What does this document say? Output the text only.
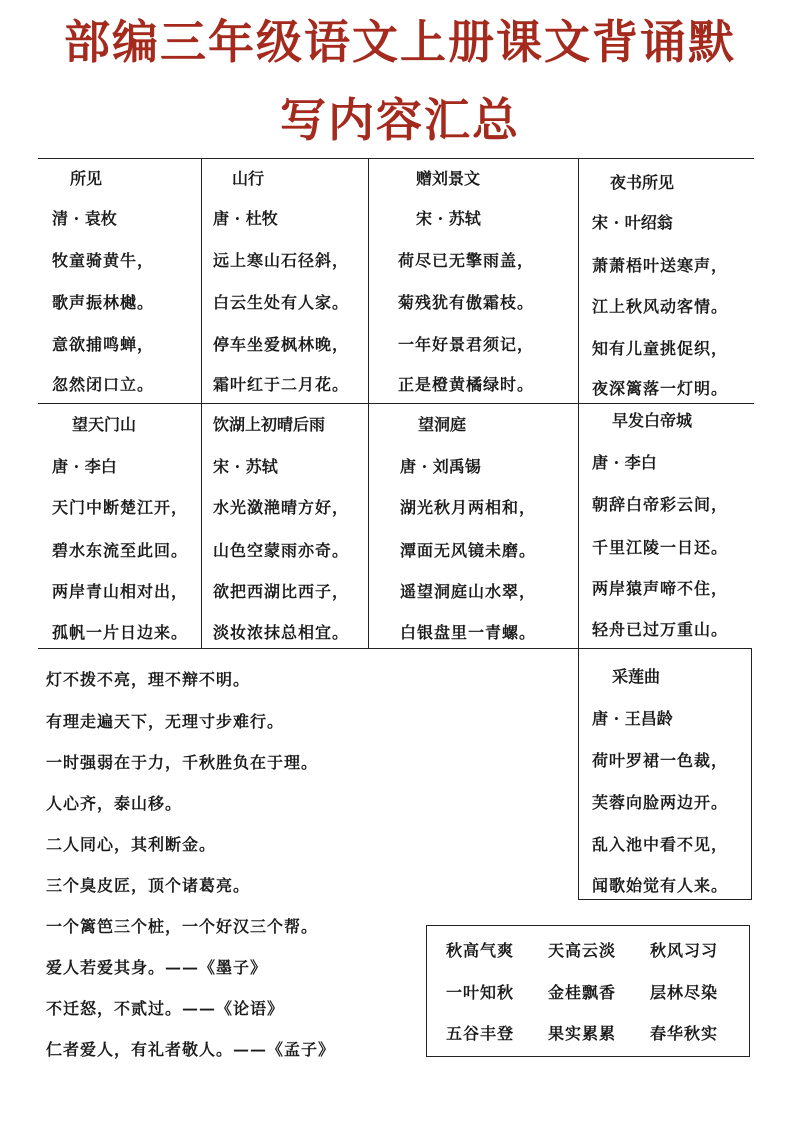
部编三年级语文上册课文背诵默
写内容汇总
所见
清 · 袁枚
牧童骑黄牛，
歌声振林樾。
意欲捕鸣蝉，
忽然闭口立。
山行
唐 · 杜牧
远上寒山石径斜，
白云生处有人家。
停车坐爱枫林晚，
霜叶红于二月花。
赠刘景文
宋 · 苏轼
荷尽已无擎雨盖，
菊残犹有傲霜枝。
一年好景君须记，
正是橙黄橘绿时。
夜书所见
宋 · 叶绍翁
萧萧梧叶送寒声，
江上秋风动客情。
知有儿童挑促织，
夜深篱落一灯明。
望天门山
唐 · 李白
天门中断楚江开，
碧水东流至此回。
两岸青山相对出，
孤帆一片日边来。
饮湖上初晴后雨
宋 · 苏轼
水光潋滟晴方好，
山色空蒙雨亦奇。
欲把西湖比西子，
淡妆浓抹总相宜。
望洞庭
唐 · 刘禹锡
湖光秋月两相和，
潭面无风镜未磨。
遥望洞庭山水翠，
白银盘里一青螺。
早发白帝城
唐 · 李白
朝辞白帝彩云间，
千里江陵一日还。
两岸猿声啼不住，
轻舟已过万重山。
灯不拨不亮，理不辩不明。
有理走遍天下，无理寸步难行。
一时强弱在于力，千秋胜负在于理。
人心齐，泰山移。
二人同心，其利断金。
三个臭皮匠，顶个诸葛亮。
一个篱笆三个桩，一个好汉三个帮。
爱人若爱其身。——《墨子》
不迁怒，不贰过。——《论语》
仁者爱人，有礼者敬人。——《孟子》
采莲曲
唐 · 王昌龄
荷叶罗裙一色裁，
芙蓉向脸两边开。
乱入池中看不见，
闻歌始觉有人来。
秋高气爽 天高云淡 秋风习习
一叶知秋 金桂飘香 层林尽染
五谷丰登 果实累累 春华秋实
